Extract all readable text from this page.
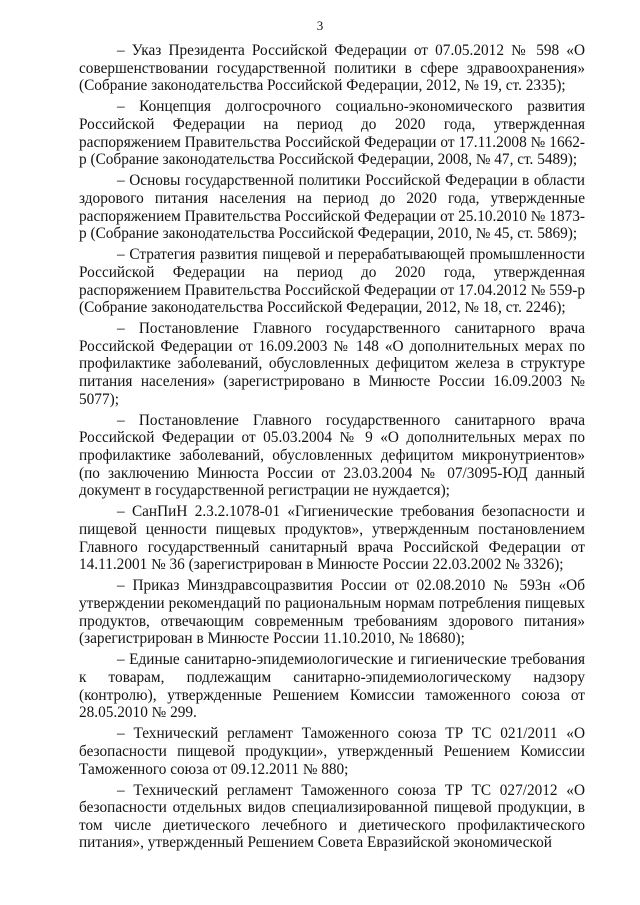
3

– Указ Президента Российской Федерации от 07.05.2012 № 598 «О совершенствовании государственной политики в сфере здравоохранения» (Собрание законодательства Российской Федерации, 2012, № 19, ст. 2335);

– Концепция долгосрочного социально-экономического развития Российской Федерации на период до 2020 года, утвержденная распоряжением Правительства Российской Федерации от 17.11.2008 № 1662-р (Собрание законодательства Российской Федерации, 2008, № 47, ст. 5489);

– Основы государственной политики Российской Федерации в области здорового питания населения на период до 2020 года, утвержденные распоряжением Правительства Российской Федерации от 25.10.2010 № 1873-р (Собрание законодательства Российской Федерации, 2010, № 45, ст. 5869);

– Стратегия развития пищевой и перерабатывающей промышленности Российской Федерации на период до 2020 года, утвержденная распоряжением Правительства Российской Федерации от 17.04.2012 № 559-р (Собрание законодательства Российской Федерации, 2012, № 18, ст. 2246);

– Постановление Главного государственного санитарного врача Российской Федерации от 16.09.2003 № 148 «О дополнительных мерах по профилактике заболеваний, обусловленных дефицитом железа в структуре питания населения» (зарегистрировано в Минюсте России 16.09.2003 № 5077);

– Постановление Главного государственного санитарного врача Российской Федерации от 05.03.2004 № 9 «О дополнительных мерах по профилактике заболеваний, обусловленных дефицитом микронутриентов» (по заключению Минюста России от 23.03.2004 № 07/3095-ЮД данный документ в государственной регистрации не нуждается);

– СанПиН 2.3.2.1078-01 «Гигиенические требования безопасности и пищевой ценности пищевых продуктов», утвержденным постановлением Главного государственный санитарный врача Российской Федерации от 14.11.2001 № 36 (зарегистрирован в Минюсте России 22.03.2002 № 3326);

– Приказ Минздравсоцразвития России от 02.08.2010 № 593н «Об утверждении рекомендаций по рациональным нормам потребления пищевых продуктов, отвечающим современным требованиям здорового питания» (зарегистрирован в Минюсте России 11.10.2010, № 18680);

– Единые санитарно-эпидемиологические и гигиенические требования к товарам, подлежащим санитарно-эпидемиологическому надзору (контролю), утвержденные Решением Комиссии таможенного союза от 28.05.2010 № 299.

– Технический регламент Таможенного союза ТР ТС 021/2011 «О безопасности пищевой продукции», утвержденный Решением Комиссии Таможенного союза от 09.12.2011 № 880;

– Технический регламент Таможенного союза ТР ТС 027/2012 «О безопасности отдельных видов специализированной пищевой продукции, в том числе диетического лечебного и диетического профилактического питания», утвержденный Решением Совета Евразийской экономической
